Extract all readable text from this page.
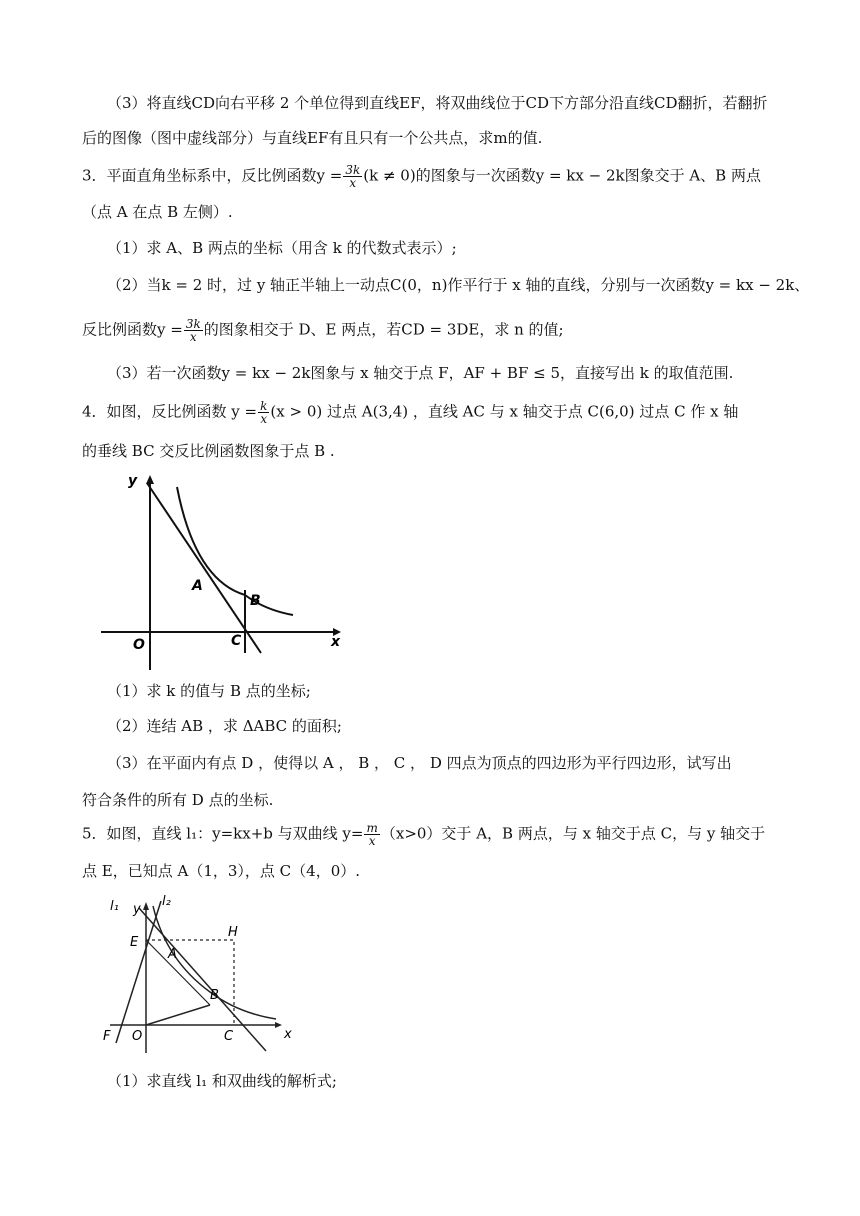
（3）将直线CD向右平移 2 个单位得到直线EF，将双曲线位于CD下方部分沿直线CD翻折，若翻折
后的图像（图中虚线部分）与直线EF有且只有一个公共点，求m的值.
3．平面直角坐标系中，反比例函数$y = \frac{3k}{x} (k \ne 0)$的图象与一次函数y = kx − 2k图象交于 A、B 两点
（点 A 在点 B 左侧）.
（1）求 A、B 两点的坐标（用含 k 的代数式表示）;
（2）当k = 2 时，过 y 轴正半轴上一动点C(0，n)作平行于 x 轴的直线，分别与一次函数y = kx − 2k、
反比例函数$y = \frac{3k}{x}$ 的图象相交于 D、E 两点，若CD = 3DE，求 n 的值;
（3）若一次函数y = kx − 2k图象与 x 轴交于点 F，AF + BF ≤ 5，直接写出 k 的取值范围.
4．如图，反比例函数 $y = \frac{k}{x} (x > 0)$ 过点 A(3,4) ，直线 AC 与 x 轴交于点 C(6,0) 过点 C 作 x 轴
的垂线 BC 交反比例函数图象于点 B .
y
x
O
A
B
C
（1）求 k 的值与 B 点的坐标;
（2）连结 AB ，求 ΔABC 的面积;
（3）在平面内有点 D ，使得以 A ， B ， C ， D 四点为顶点的四边形为平行四边形，试写出
符合条件的所有 D 点的坐标.
5．如图，直线 l₁：y=kx+b 与双曲线 $y= \frac{m}{x} (x>0)$交于 A，B 两点，与 x 轴交于点 C，与 y 轴交于
点 E，已知点 A（1，3），点 C（4，0）.
l₁	l₂
y
x
E
A
H
B
F O	C
（1）求直线 l₁ 和双曲线的解析式;
